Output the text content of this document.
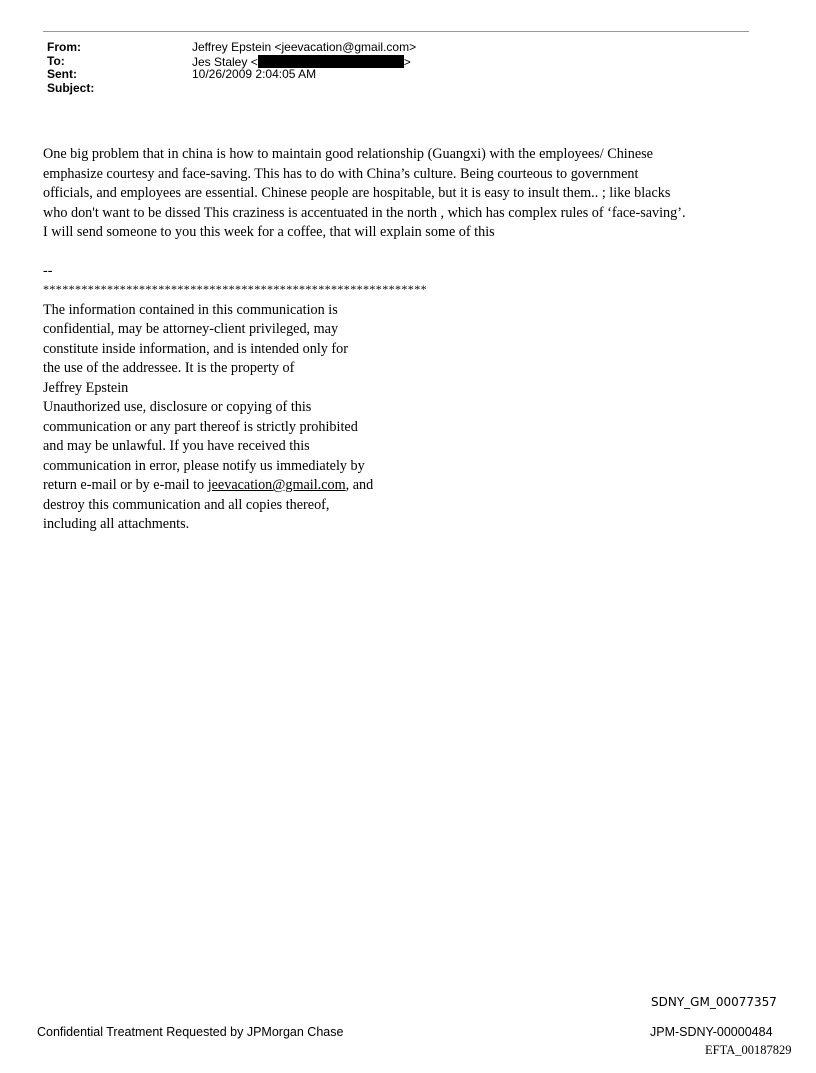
From:	Jeffrey Epstein <jeevacation@gmail.com>
To:	Jes Staley <	>
Sent:	10/26/2009 2:04:05 AM
Subject:
One big problem that in china is how to maintain good relationship (Guangxi) with the employees/ Chinese
emphasize courtesy and face-saving. This has to do with China’s culture. Being courteous to government
officials, and employees are essential. Chinese people are hospitable, but it is easy to insult them.. ; like blacks
who don't want to be dissed This craziness is accentuated in the north , which has complex rules of ‘face-saving’.
I will send someone to you this week for a coffee, that will explain some of this
--
************************************************************
The information contained in this communication is
confidential, may be attorney-client privileged, may
constitute inside information, and is intended only for
the use of the addressee. It is the property of
Jeffrey Epstein
Unauthorized use, disclosure or copying of this
communication or any part thereof is strictly prohibited
and may be unlawful. If you have received this
communication in error, please notify us immediately by
return e-mail or by e-mail to jeevacation@gmail.com, and
destroy this communication and all copies thereof,
including all attachments.
SDNY_GM_00077357
Confidential Treatment Requested by JPMorgan Chase	JPM-SDNY-00000484
EFTA_00187829
